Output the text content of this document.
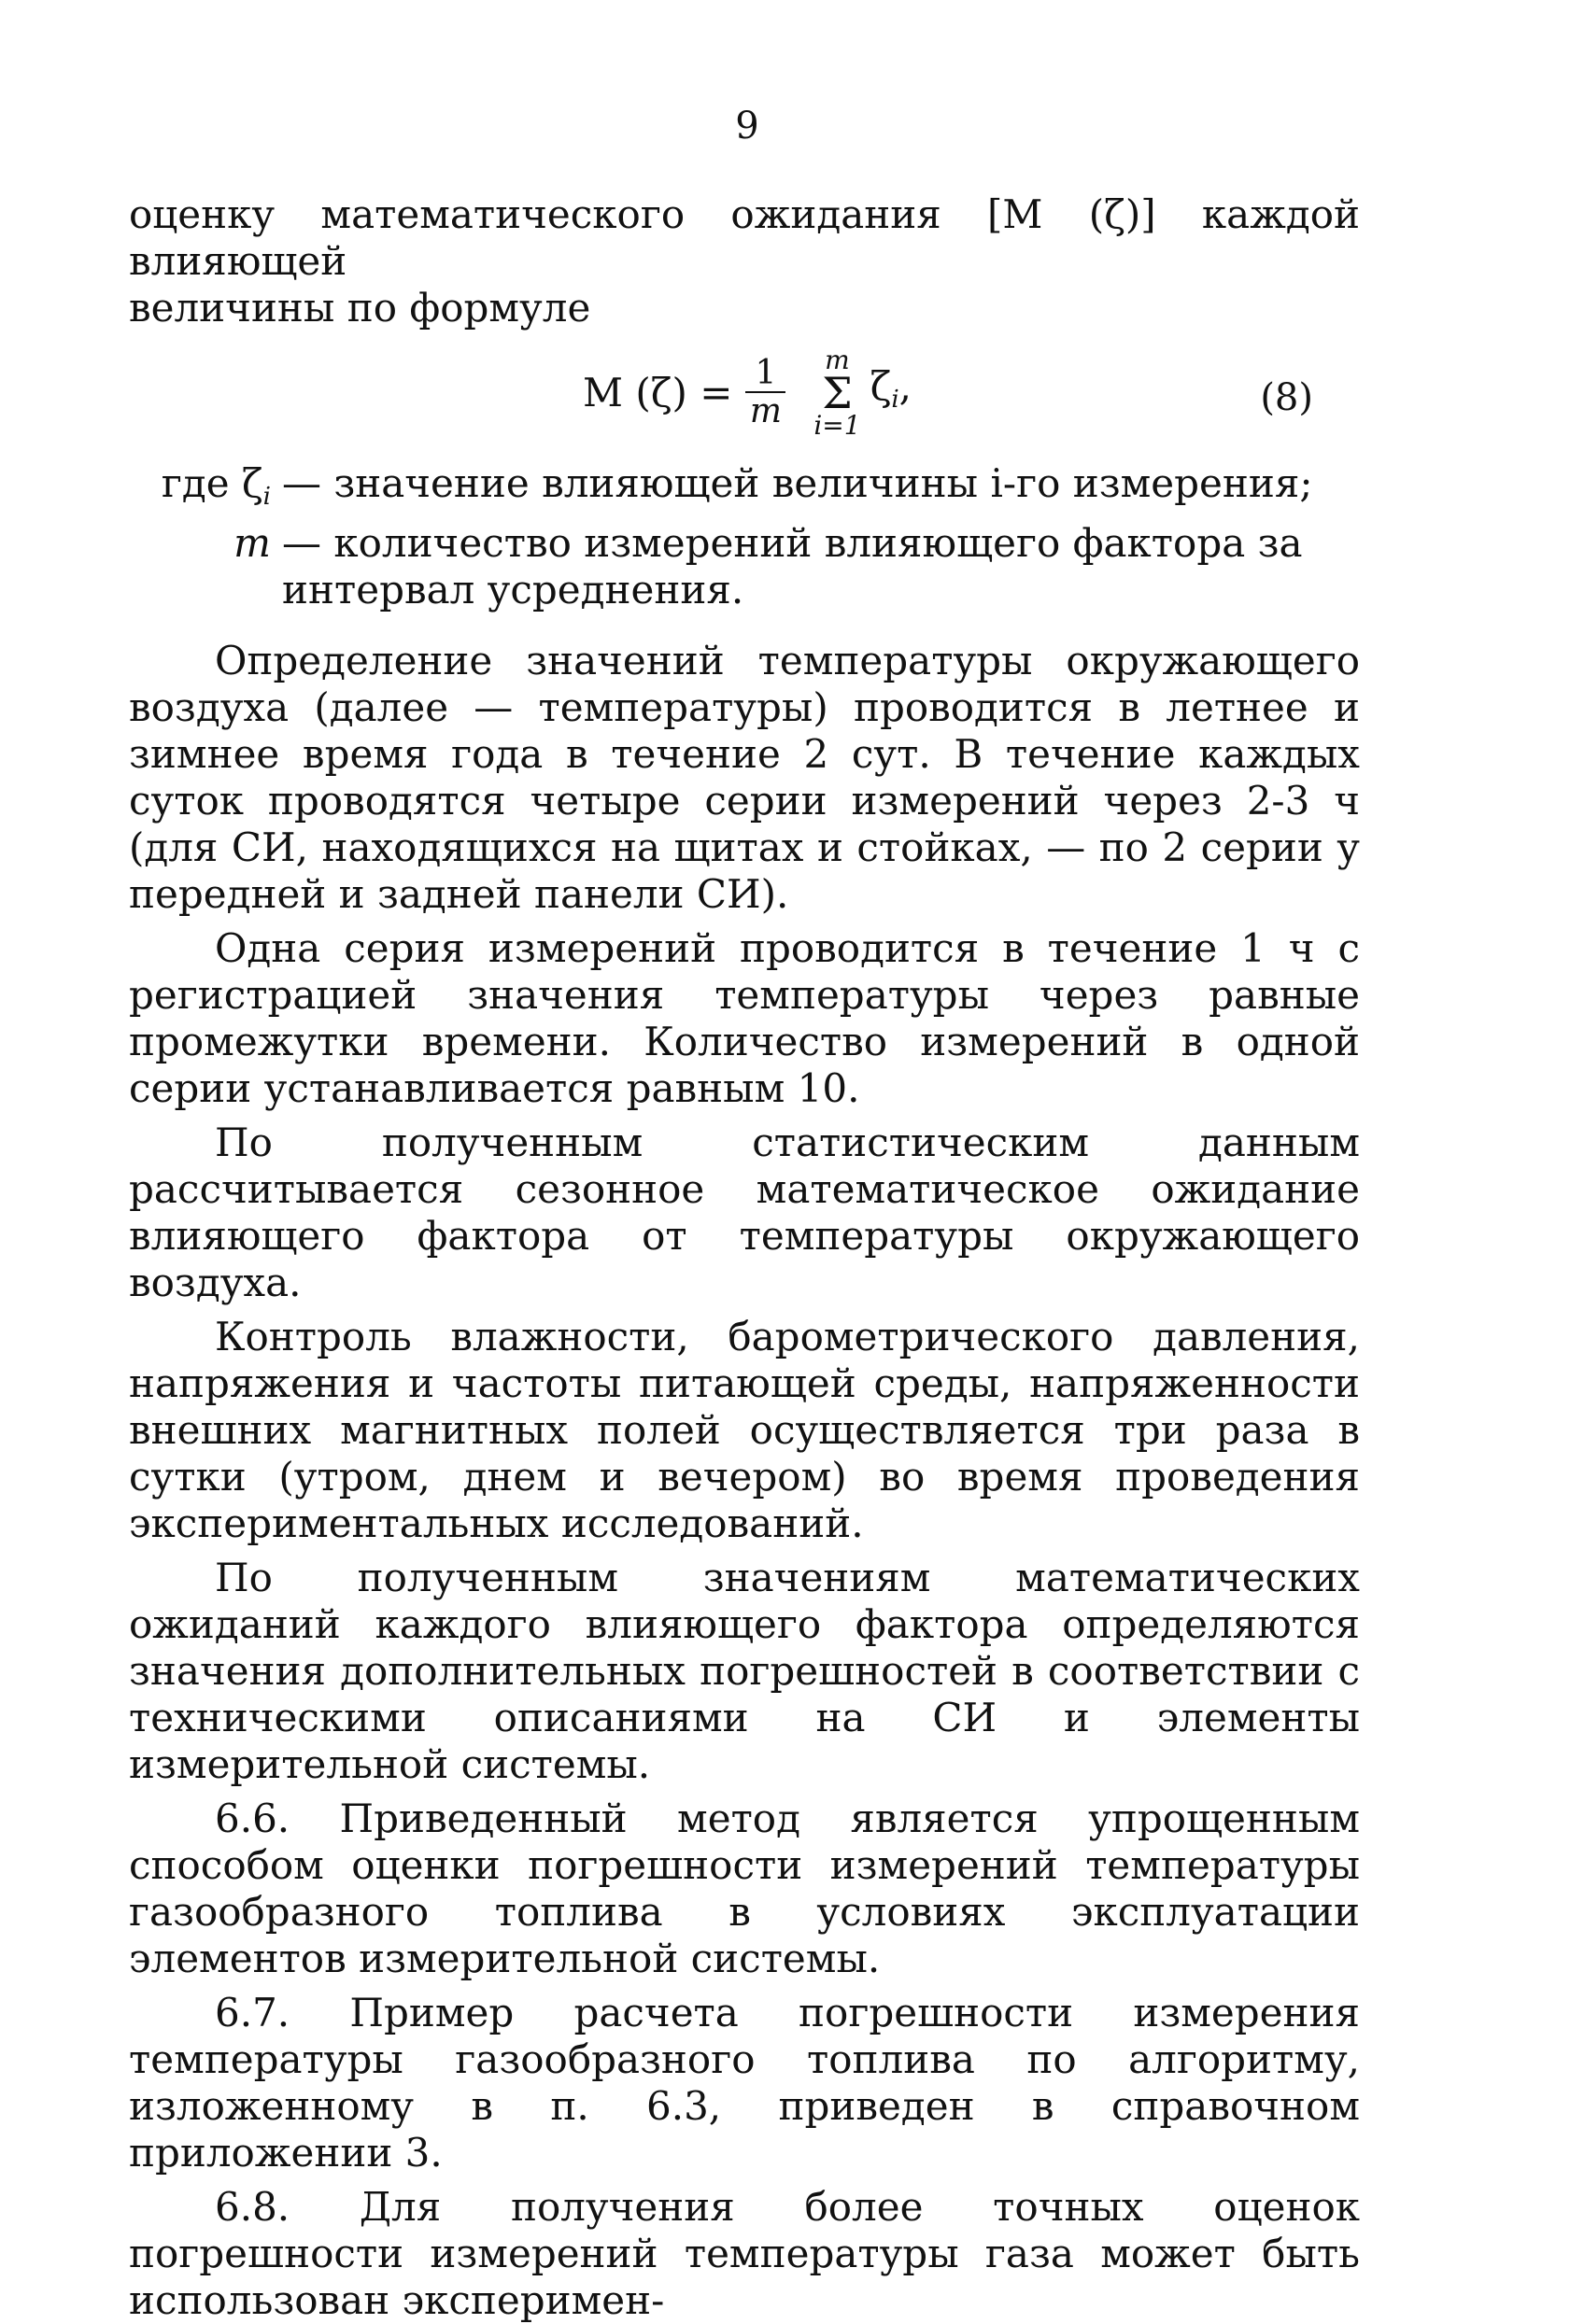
9

оценку математического ожидания [М (ζ)] каждой влияющей

величины по формуле

М $(\zeta) = \frac{1}{m}$ m
Σ
i=1
$\zeta_i$,	(8)
где $\zeta_i$ — значение влияющей величины i-го измерения;
m — количество измерений влияющего фактора за интервал усреднения.

Определение значений температуры окружающего воздуха (далее — температуры) проводится в летнее и зимнее время года в течение 2 сут. В течение каждых суток проводятся четыре серии измерений через 2-3 ч (для СИ, находящихся на щитах и стойках, — по 2 серии у передней и задней панели СИ).

Одна серия измерений проводится в течение 1 ч с регистрацией значения температуры через равные промежутки времени. Количество измерений в одной серии устанавливается равным 10.

По полученным статистическим данным рассчитывается сезонное математическое ожидание влияющего фактора от температуры окружающего воздуха.

Контроль влажности, барометрического давления, напряжения и частоты питающей среды, напряженности внешних магнитных полей осуществляется три раза в сутки (утром, днем и вечером) во время проведения экспериментальных исследований.

По полученным значениям математических ожиданий каждого влияющего фактора определяются значения дополнительных погрешностей в соответствии с техническими описаниями на СИ и элементы измерительной системы.

6.6. Приведенный метод является упрощенным способом оценки погрешности измерений температуры газообразного топлива в условиях эксплуатации элементов измерительной системы.

6.7. Пример расчета погрешности измерения температуры газообразного топлива по алгоритму, изложенному в п. 6.3, приведен в справочном приложении 3.

6.8. Для получения более точных оценок погрешности измерений температуры газа может быть использован эксперимен-
